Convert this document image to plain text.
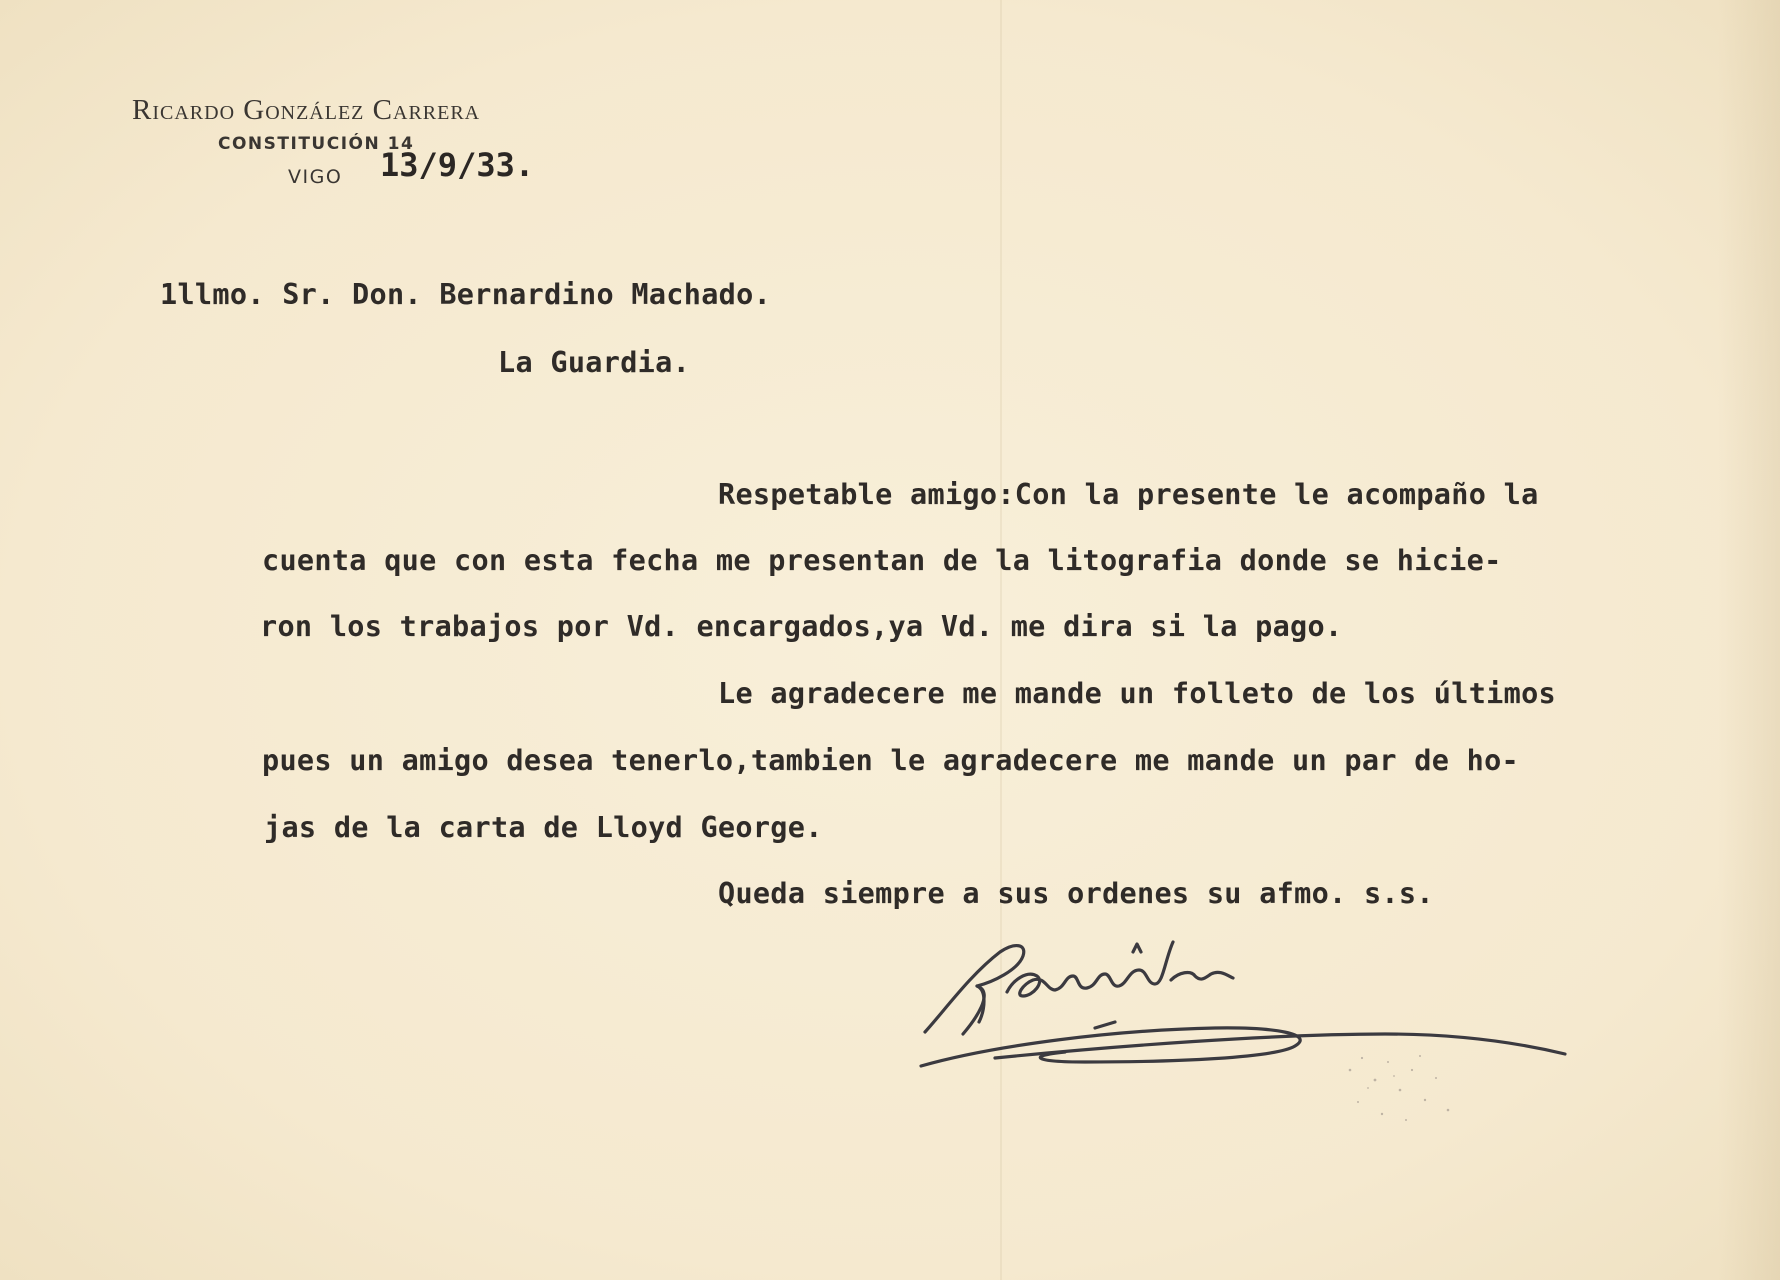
Ricardo González Carrera
CONSTITUCIÓN 14
VIGO 13/9/33.
1llmo. Sr. Don. Bernardino Machado.
La Guardia.
Respetable amigo:Con la presente le acompaño la
cuenta que con esta fecha me presentan de la litografia donde se hicie-
ron los trabajos por Vd. encargados,ya Vd. me dira si la pago.
Le agradecere me mande un folleto de los últimos
pues un amigo desea tenerlo,tambien le agradecere me mande un par de ho-
jas de la carta de Lloyd George.
Queda siempre a sus ordenes su afmo. s.s.
